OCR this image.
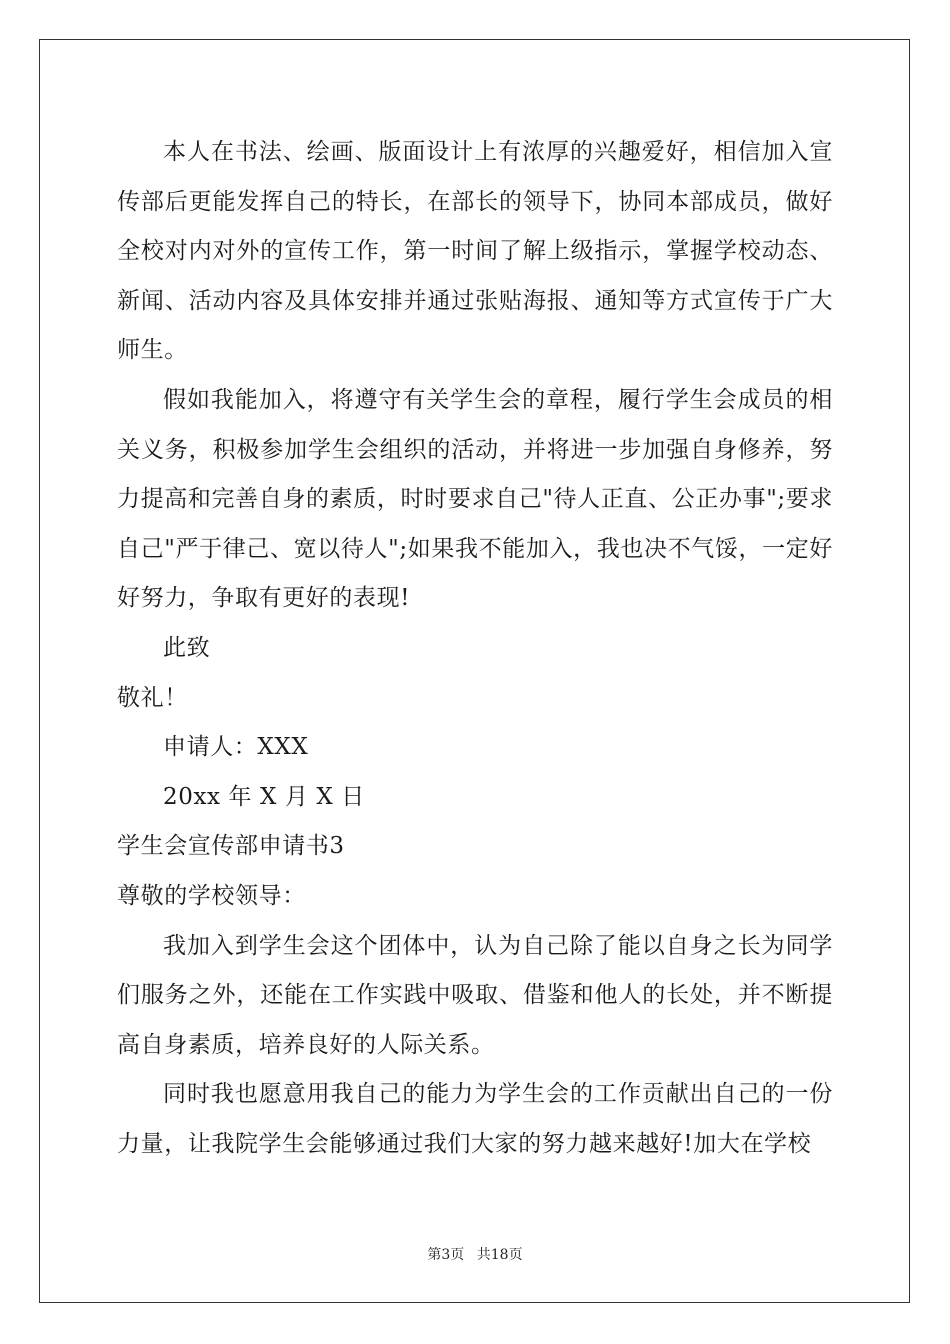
本人在书法、绘画、版面设计上有浓厚的兴趣爱好，相信加入宣传部后更能发挥自己的特长，在部长的领导下，协同本部成员，做好全校对内对外的宣传工作，第一时间了解上级指示，掌握学校动态、新闻、活动内容及具体安排并通过张贴海报、通知等方式宣传于广大师生。

假如我能加入，将遵守有关学生会的章程，履行学生会成员的相关义务，积极参加学生会组织的活动，并将进一步加强自身修养，努力提高和完善自身的素质，时时要求自己"待人正直、公正办事";要求自己"严于律己、宽以待人";如果我不能加入，我也决不气馁，一定好好努力，争取有更好的表现!

此致

敬礼！

申请人：XXX

20xx 年 X 月 X 日

学生会宣传部申请书3

尊敬的学校领导：

我加入到学生会这个团体中，认为自己除了能以自身之长为同学们服务之外，还能在工作实践中吸取、借鉴和他人的长处，并不断提高自身素质，培养良好的人际关系。

同时我也愿意用我自己的能力为学生会的工作贡献出自己的一份力量，让我院学生会能够通过我们大家的努力越来越好!加大在学校

第3页 共18页
